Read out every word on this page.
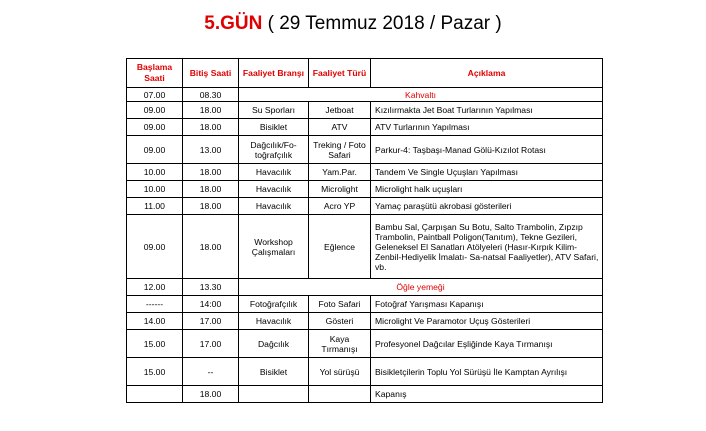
5.GÜN ( 29 Temmuz 2018 / Pazar )
Başlama Saati	Bitiş Saati	Faaliyet Branşı	Faaliyet Türü	Açıklama
07.00	08.30	Kahvaltı		
09.00	18.00	Su Sporları	Jetboat	Kızılırmakta Jet Boat Turlarının Yapılması
09.00	18.00	Bisiklet	ATV	ATV Turlarının Yapılması
09.00	13.00	Dağcılık/Fo-toğrafçılık	Treking / Foto Safari	Parkur-4: Taşbaşı-Manad Gölü-Kızılot Rotası
10.00	18.00	Havacılık	Yam.Par.	Tandem Ve Single Uçuşları Yapılması
10.00	18.00	Havacılık	Microlight	Microlight halk uçuşları
11.00	18.00	Havacılık	Acro YP	Yamaç paraşütü akrobasi gösterileri
09.00	18.00	Workshop Çalışmaları	Eğlence	Bambu Sal, Çarpışan Su Botu, Salto Trambolin, Zıpzıp Trambolin, Paintball Poligon(Tanıtım), Tekne Gezileri, Geleneksel El Sanatları Atölyeleri (Hasır-Kırpık Kilim-Zenbil-Hediyelik İmalatı- Sa-natsal Faaliyetler), ATV Safari, vb.
12.00	13.30	Öğle yemeği		
------	14:00	Fotoğrafçılık	Foto Safari	Fotoğraf Yarışması Kapanışı
14.00	17.00	Havacılık	Gösteri	Microlight Ve Paramotor Uçuş Gösterileri
15.00	17.00	Dağcılık	Kaya Tırmanışı	Profesyonel Dağcılar Eşliğinde Kaya Tırmanışı
15.00	--	Bisiklet	Yol sürüşü	Bisikletçilerin Toplu Yol Sürüşü İle Kamptan Ayrılışı
	18.00			Kapanış
